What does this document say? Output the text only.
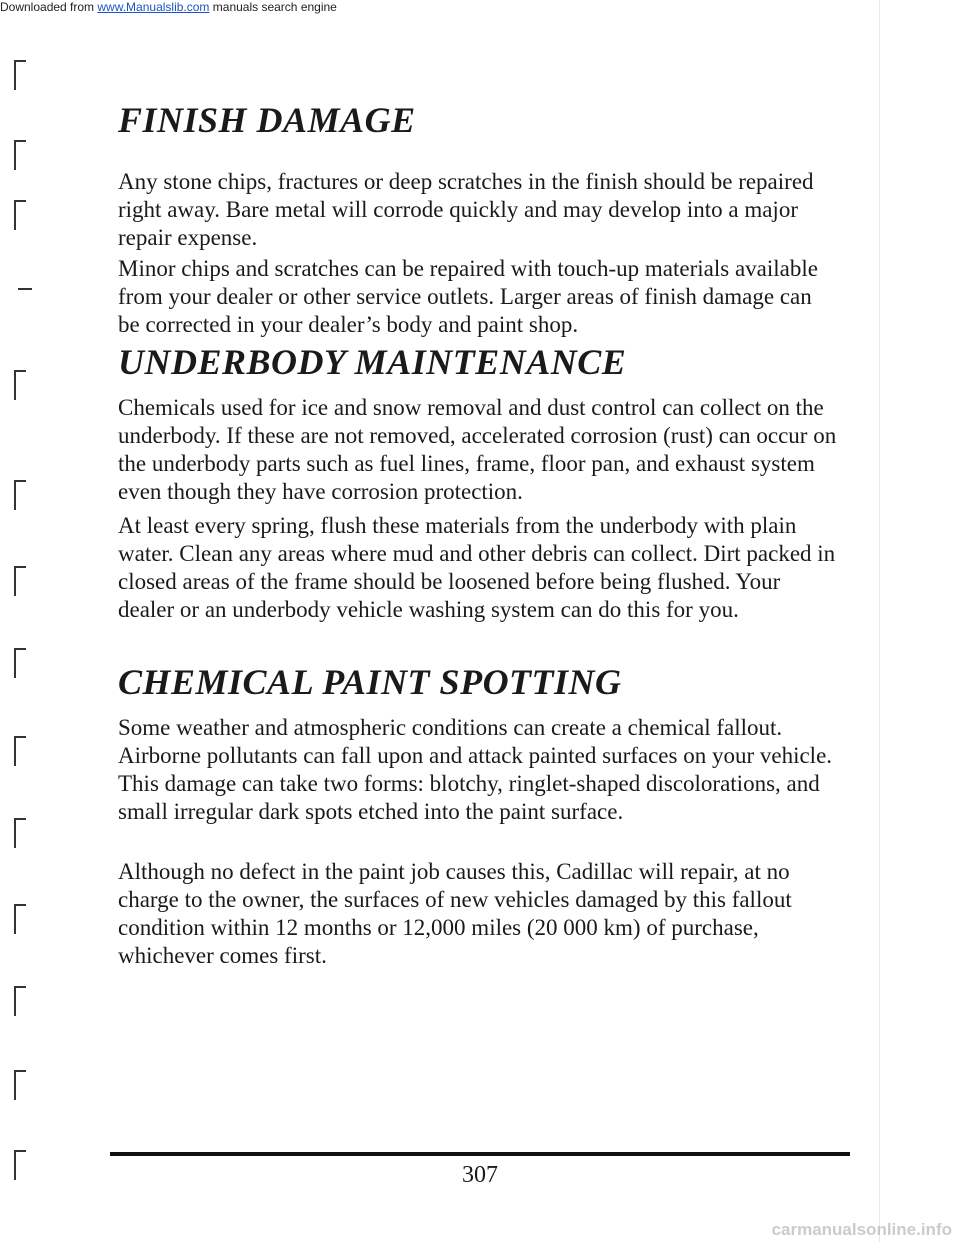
Downloaded from www.Manualslib.com manuals search engine
FINISH DAMAGE

Any stone chips, fractures or deep scratches in the finish should be repaired right away. Bare metal will corrode quickly and may develop into a major repair expense.

Minor chips and scratches can be repaired with touch-up materials available from your dealer or other service outlets. Larger areas of finish damage can be corrected in your dealer’s body and paint shop.

UNDERBODY MAINTENANCE

Chemicals used for ice and snow removal and dust control can collect on the underbody. If these are not removed, accelerated corrosion (rust) can occur on the underbody parts such as fuel lines, frame, floor pan, and exhaust system even though they have corrosion protection.

At least every spring, flush these materials from the underbody with plain water. Clean any areas where mud and other debris can collect. Dirt packed in closed areas of the frame should be loosened before being flushed. Your dealer or an underbody vehicle washing system can do this for you.

CHEMICAL PAINT SPOTTING

Some weather and atmospheric conditions can create a chemical fallout. Airborne pollutants can fall upon and attack painted surfaces on your vehicle. This damage can take two forms: blotchy, ringlet-shaped discolorations, and small irregular dark spots etched into the paint surface.

Although no defect in the paint job causes this, Cadillac will repair, at no charge to the owner, the surfaces of new vehicles damaged by this fallout condition within 12 months or 12,000 miles (20 000 km) of purchase, whichever comes first.

307
carmanualsonline.info
